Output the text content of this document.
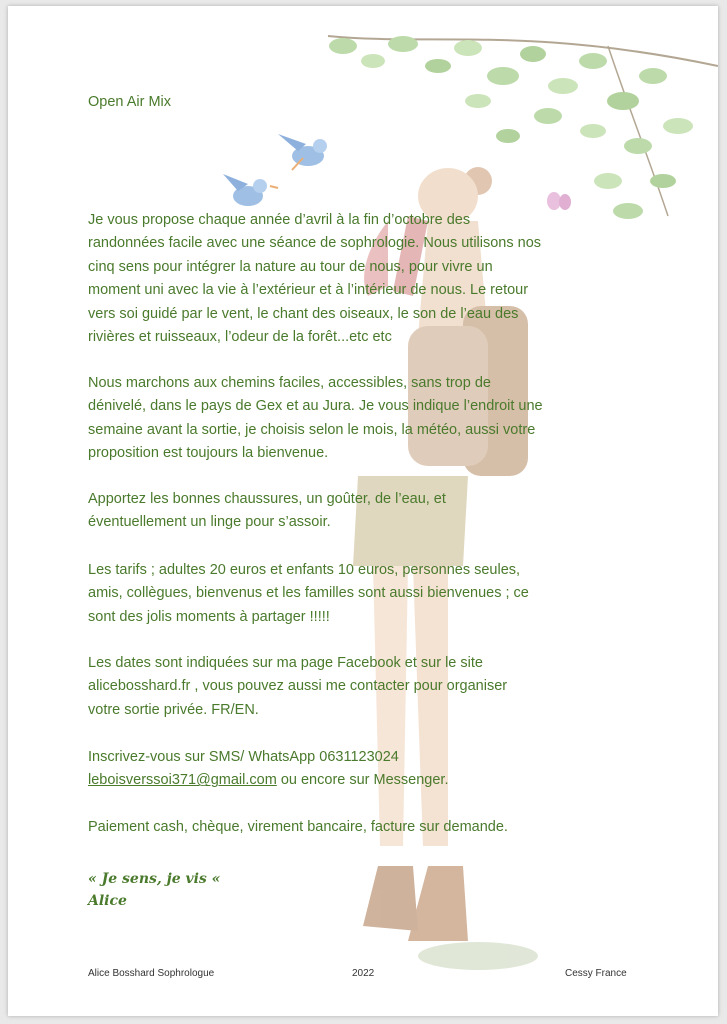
Open Air Mix

Je vous propose chaque année d’avril à la fin d’octobre des
randonnées facile avec une séance de sophrologie. Nous utilisons nos
cinq sens pour intégrer la nature au tour de nous, pour vivre un
moment uni avec la vie à l’extérieur et à l’intérieur de nous. Le retour
vers soi guidé par le vent, le chant des oiseaux, le son de l’eau des
rivières et ruisseaux, l’odeur de la forêt...etc etc

Nous marchons aux chemins faciles, accessibles, sans trop de
dénivelé, dans le pays de Gex et au Jura. Je vous indique l’endroit une
semaine avant la sortie, je choisis selon le mois, la météo, aussi votre
proposition est toujours la bienvenue.

Apportez les bonnes chaussures, un goûter, de l’eau, et
éventuellement un linge pour s’assoir.

Les tarifs ; adultes 20 euros et enfants 10 euros, personnes seules,
amis, collègues, bienvenus et les familles sont aussi bienvenues ; ce
sont des jolis moments à partager !!!!!

Les dates sont indiquées sur ma page Facebook et sur le site
alicebosshard.fr , vous pouvez aussi me contacter pour organiser
votre sortie privée. FR/EN.

Inscrivez-vous sur SMS/ WhatsApp 0631123024
leboisverssoi371@gmail.com ou encore sur Messenger.

Paiement cash, chèque, virement bancaire, facture sur demande.

« Je sens, je vis «
Alice
Alice Bosshard Sophrologue	2022	Cessy France
